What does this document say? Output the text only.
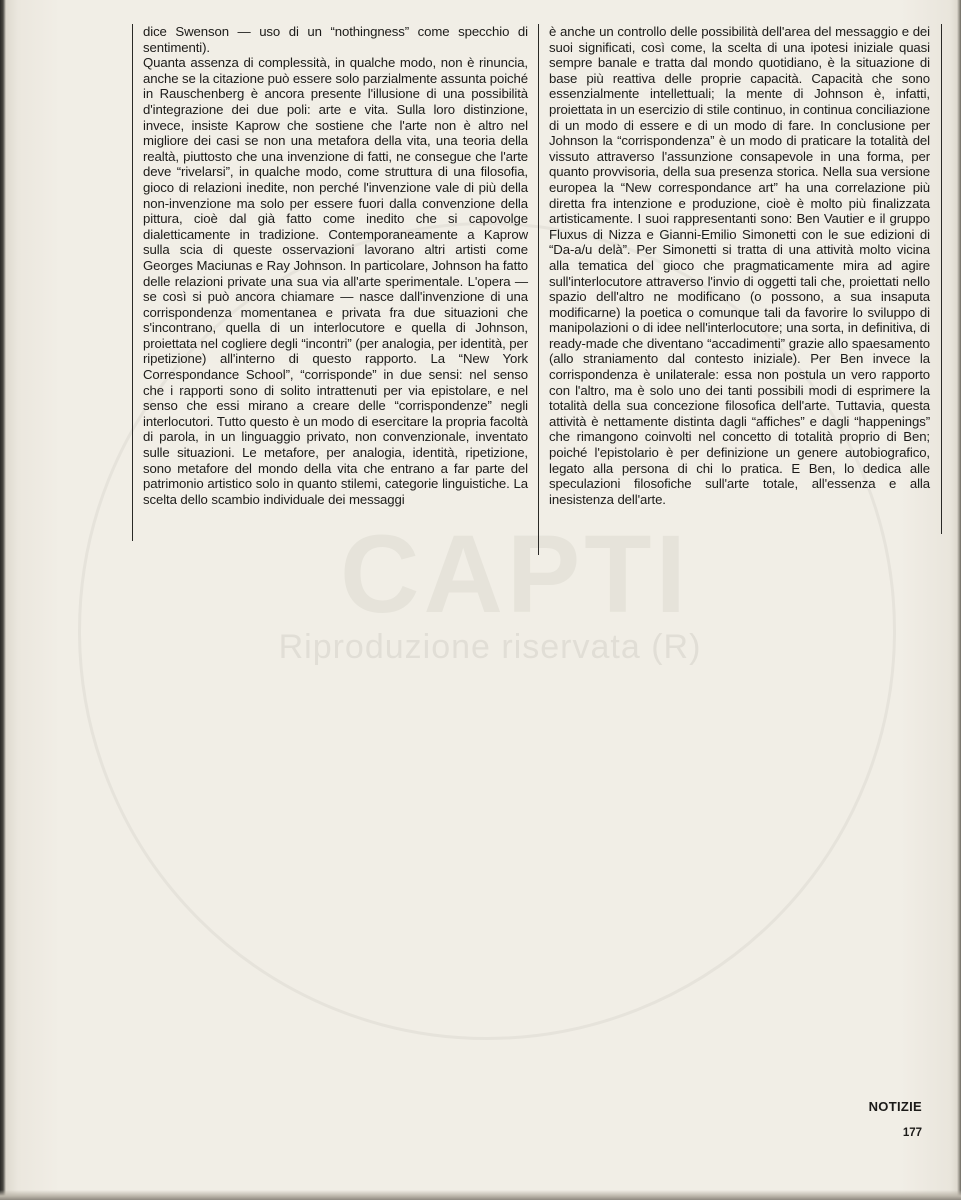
Riproduzione riservata (R)

dice Swenson — uso di un “nothingness” come specchio di sentimenti).

Quanta assenza di complessità, in qualche modo, non è rinuncia, anche se la citazione può essere solo parzialmente assunta poiché in Rauschenberg è ancora presente l'illusione di una possibilità d'integrazione dei due poli: arte e vita. Sulla loro distinzione, invece, insiste Kaprow che sostiene che l'arte non è altro nel migliore dei casi se non una metafora della vita, una teoria della realtà, piuttosto che una invenzione di fatti, ne consegue che l'arte deve “rivelarsi”, in qualche modo, come struttura di una filosofia, gioco di relazioni inedite, non perché l'invenzione vale di più della non-invenzione ma solo per essere fuori dalla convenzione della pittura, cioè dal già fatto come inedito che si capovolge dialetticamente in tradizione. Contemporaneamente a Kaprow sulla scia di queste osservazioni lavorano altri artisti come Georges Maciunas e Ray Johnson. In particolare, Johnson ha fatto delle relazioni private una sua via all'arte sperimentale. L'opera — se così si può ancora chiamare — nasce dall'invenzione di una corrispondenza momentanea e privata fra due situazioni che s'incontrano, quella di un interlocutore e quella di Johnson, proiettata nel cogliere degli “incontri” (per analogia, per identità, per ripetizione) all'interno di questo rapporto. La “New York Correspondance School”, “corrisponde” in due sensi: nel senso che i rapporti sono di solito intrattenuti per via epistolare, e nel senso che essi mirano a creare delle “corrispondenze” negli interlocutori. Tutto questo è un modo di esercitare la propria facoltà di parola, in un linguaggio privato, non convenzionale, inventato sulle situazioni. Le metafore, per analogia, identità, ripetizione, sono metafore del mondo della vita che entrano a far parte del patrimonio artistico solo in quanto stilemi, categorie linguistiche. La scelta dello scambio individuale dei messaggi

è anche un controllo delle possibilità dell'area del messaggio e dei suoi significati, così come, la scelta di una ipotesi iniziale quasi sempre banale e tratta dal mondo quotidiano, è la situazione di base più reattiva delle proprie capacità. Capacità che sono essenzialmente intellettuali; la mente di Johnson è, infatti, proiettata in un esercizio di stile continuo, in continua conciliazione di un modo di essere e di un modo di fare. In conclusione per Johnson la “corrispondenza” è un modo di praticare la totalità del vissuto attraverso l'assunzione consapevole in una forma, per quanto provvisoria, della sua presenza storica. Nella sua versione europea la “New correspondance art” ha una correlazione più diretta fra intenzione e produzione, cioè è molto più finalizzata artisticamente. I suoi rappresentanti sono: Ben Vautier e il gruppo Fluxus di Nizza e Gianni-Emilio Simonetti con le sue edizioni di “Da-a/u delà”. Per Simonetti si tratta di una attività molto vicina alla tematica del gioco che pragmaticamente mira ad agire sull'interlocutore attraverso l'invio di oggetti tali che, proiettati nello spazio dell'altro ne modificano (o possono, a sua insaputa modificarne) la poetica o comunque tali da favorire lo sviluppo di manipolazioni o di idee nell'interlocutore; una sorta, in definitiva, di ready-made che diventano “accadimenti” grazie allo spaesamento (allo straniamento dal contesto iniziale). Per Ben invece la corrispondenza è unilaterale: essa non postula un vero rapporto con l'altro, ma è solo uno dei tanti possibili modi di esprimere la totalità della sua concezione filosofica dell'arte. Tuttavia, questa attività è nettamente distinta dagli “affiches” e dagli “happenings” che rimangono coinvolti nel concetto di totalità proprio di Ben; poiché l'epistolario è per definizione un genere autobiografico, legato alla persona di chi lo pratica. E Ben, lo dedica alle speculazioni filosofiche sull'arte totale, all'essenza e alla inesistenza dell'arte.

NOTIZIE
177
